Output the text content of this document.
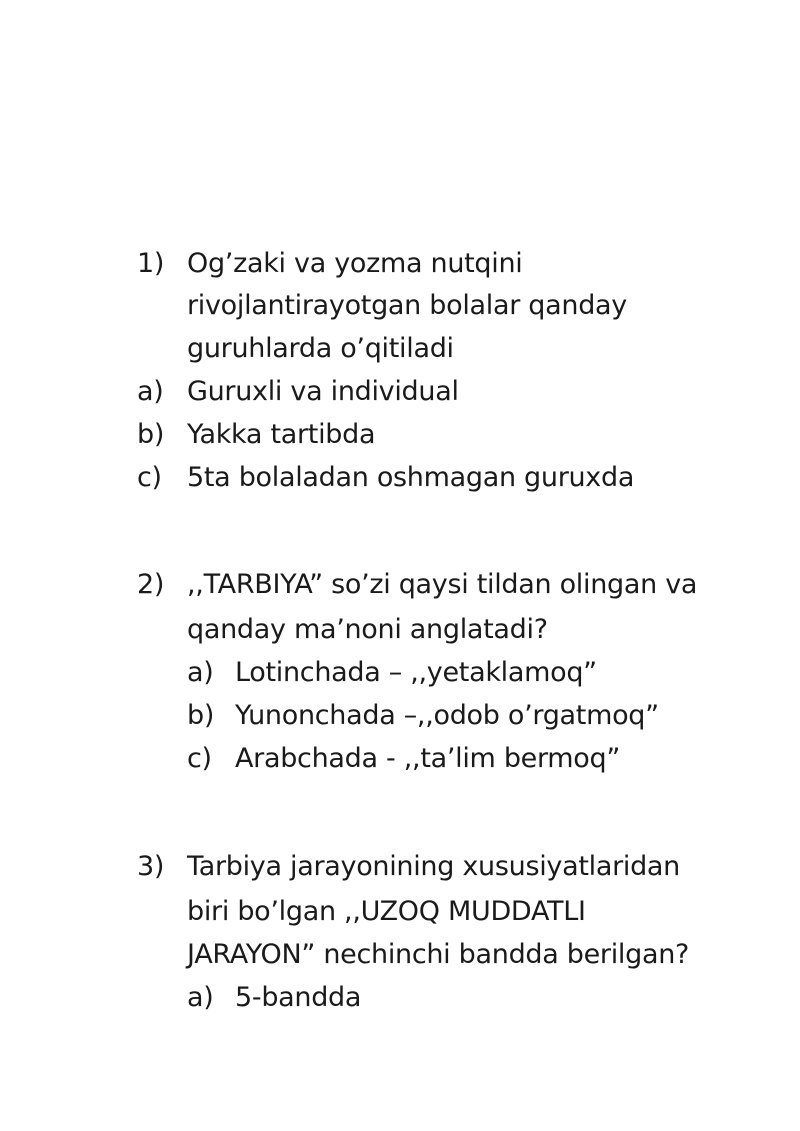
1) Og’zaki va yozma nutqini
rivojlantirayotgan bolalar qanday
guruhlarda o’qitiladi
a) Guruxli va individual
b) Yakka tartibda
c) 5ta bolaladan oshmagan guruxda
2) ,,TARBIYA” so’zi qaysi tildan olingan va
qanday ma’noni anglatadi?
a) Lotinchada – ,,yetaklamoq”
b) Yunonchada –,,odob o’rgatmoq”
c) Arabchada - ,,ta’lim bermoq”
3) Tarbiya jarayonining xususiyatlaridan
biri bo’lgan ,,UZOQ MUDDATLI
JARAYON” nechinchi bandda berilgan?
a) 5-bandda
